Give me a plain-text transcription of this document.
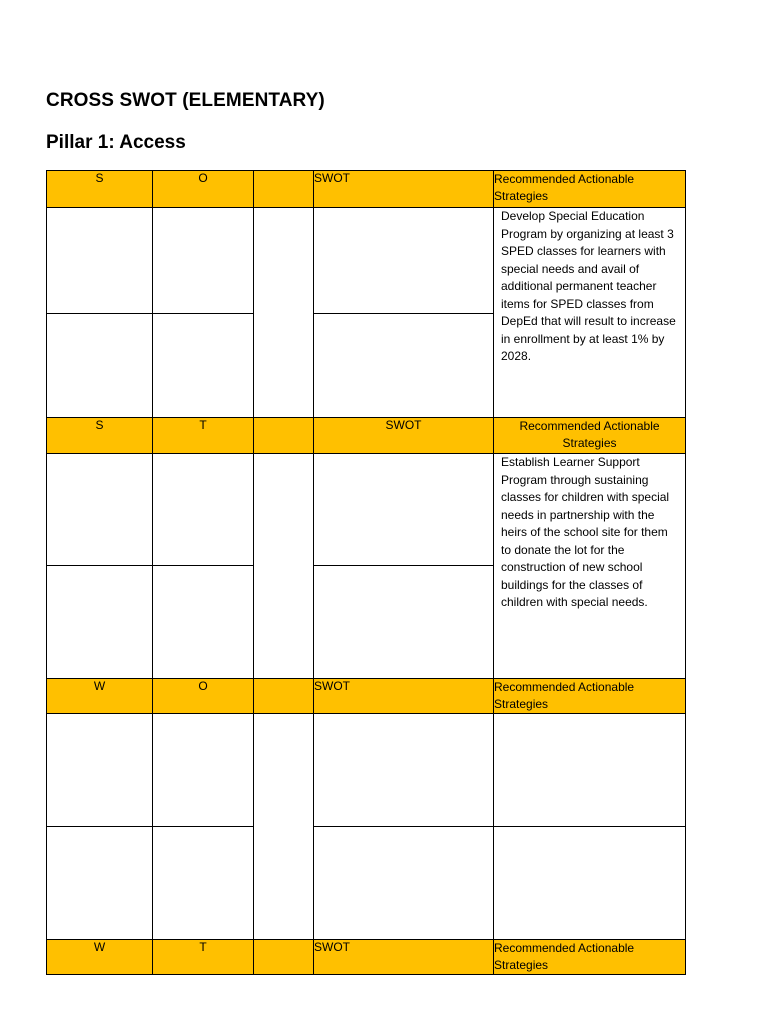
CROSS SWOT (ELEMENTARY)
Pillar 1: Access
S	O		SWOT	Recommended Actionable Strategies

				Develop Special Education Program by organizing at least 3 SPED classes for learners with special needs and avail of additional permanent teacher items for SPED classes from DepEd that will result to increase in enrollment by at least 1% by 2028.

S	T		SWOT	Recommended Actionable Strategies

				Establish Learner Support Program through sustaining classes for children with special needs in partnership with the heirs of the school site for them to donate the lot for the construction of new school buildings for the classes of children with special needs.

W	O		SWOT	Recommended Actionable Strategies

W	T		SWOT	Recommended Actionable Strategies
